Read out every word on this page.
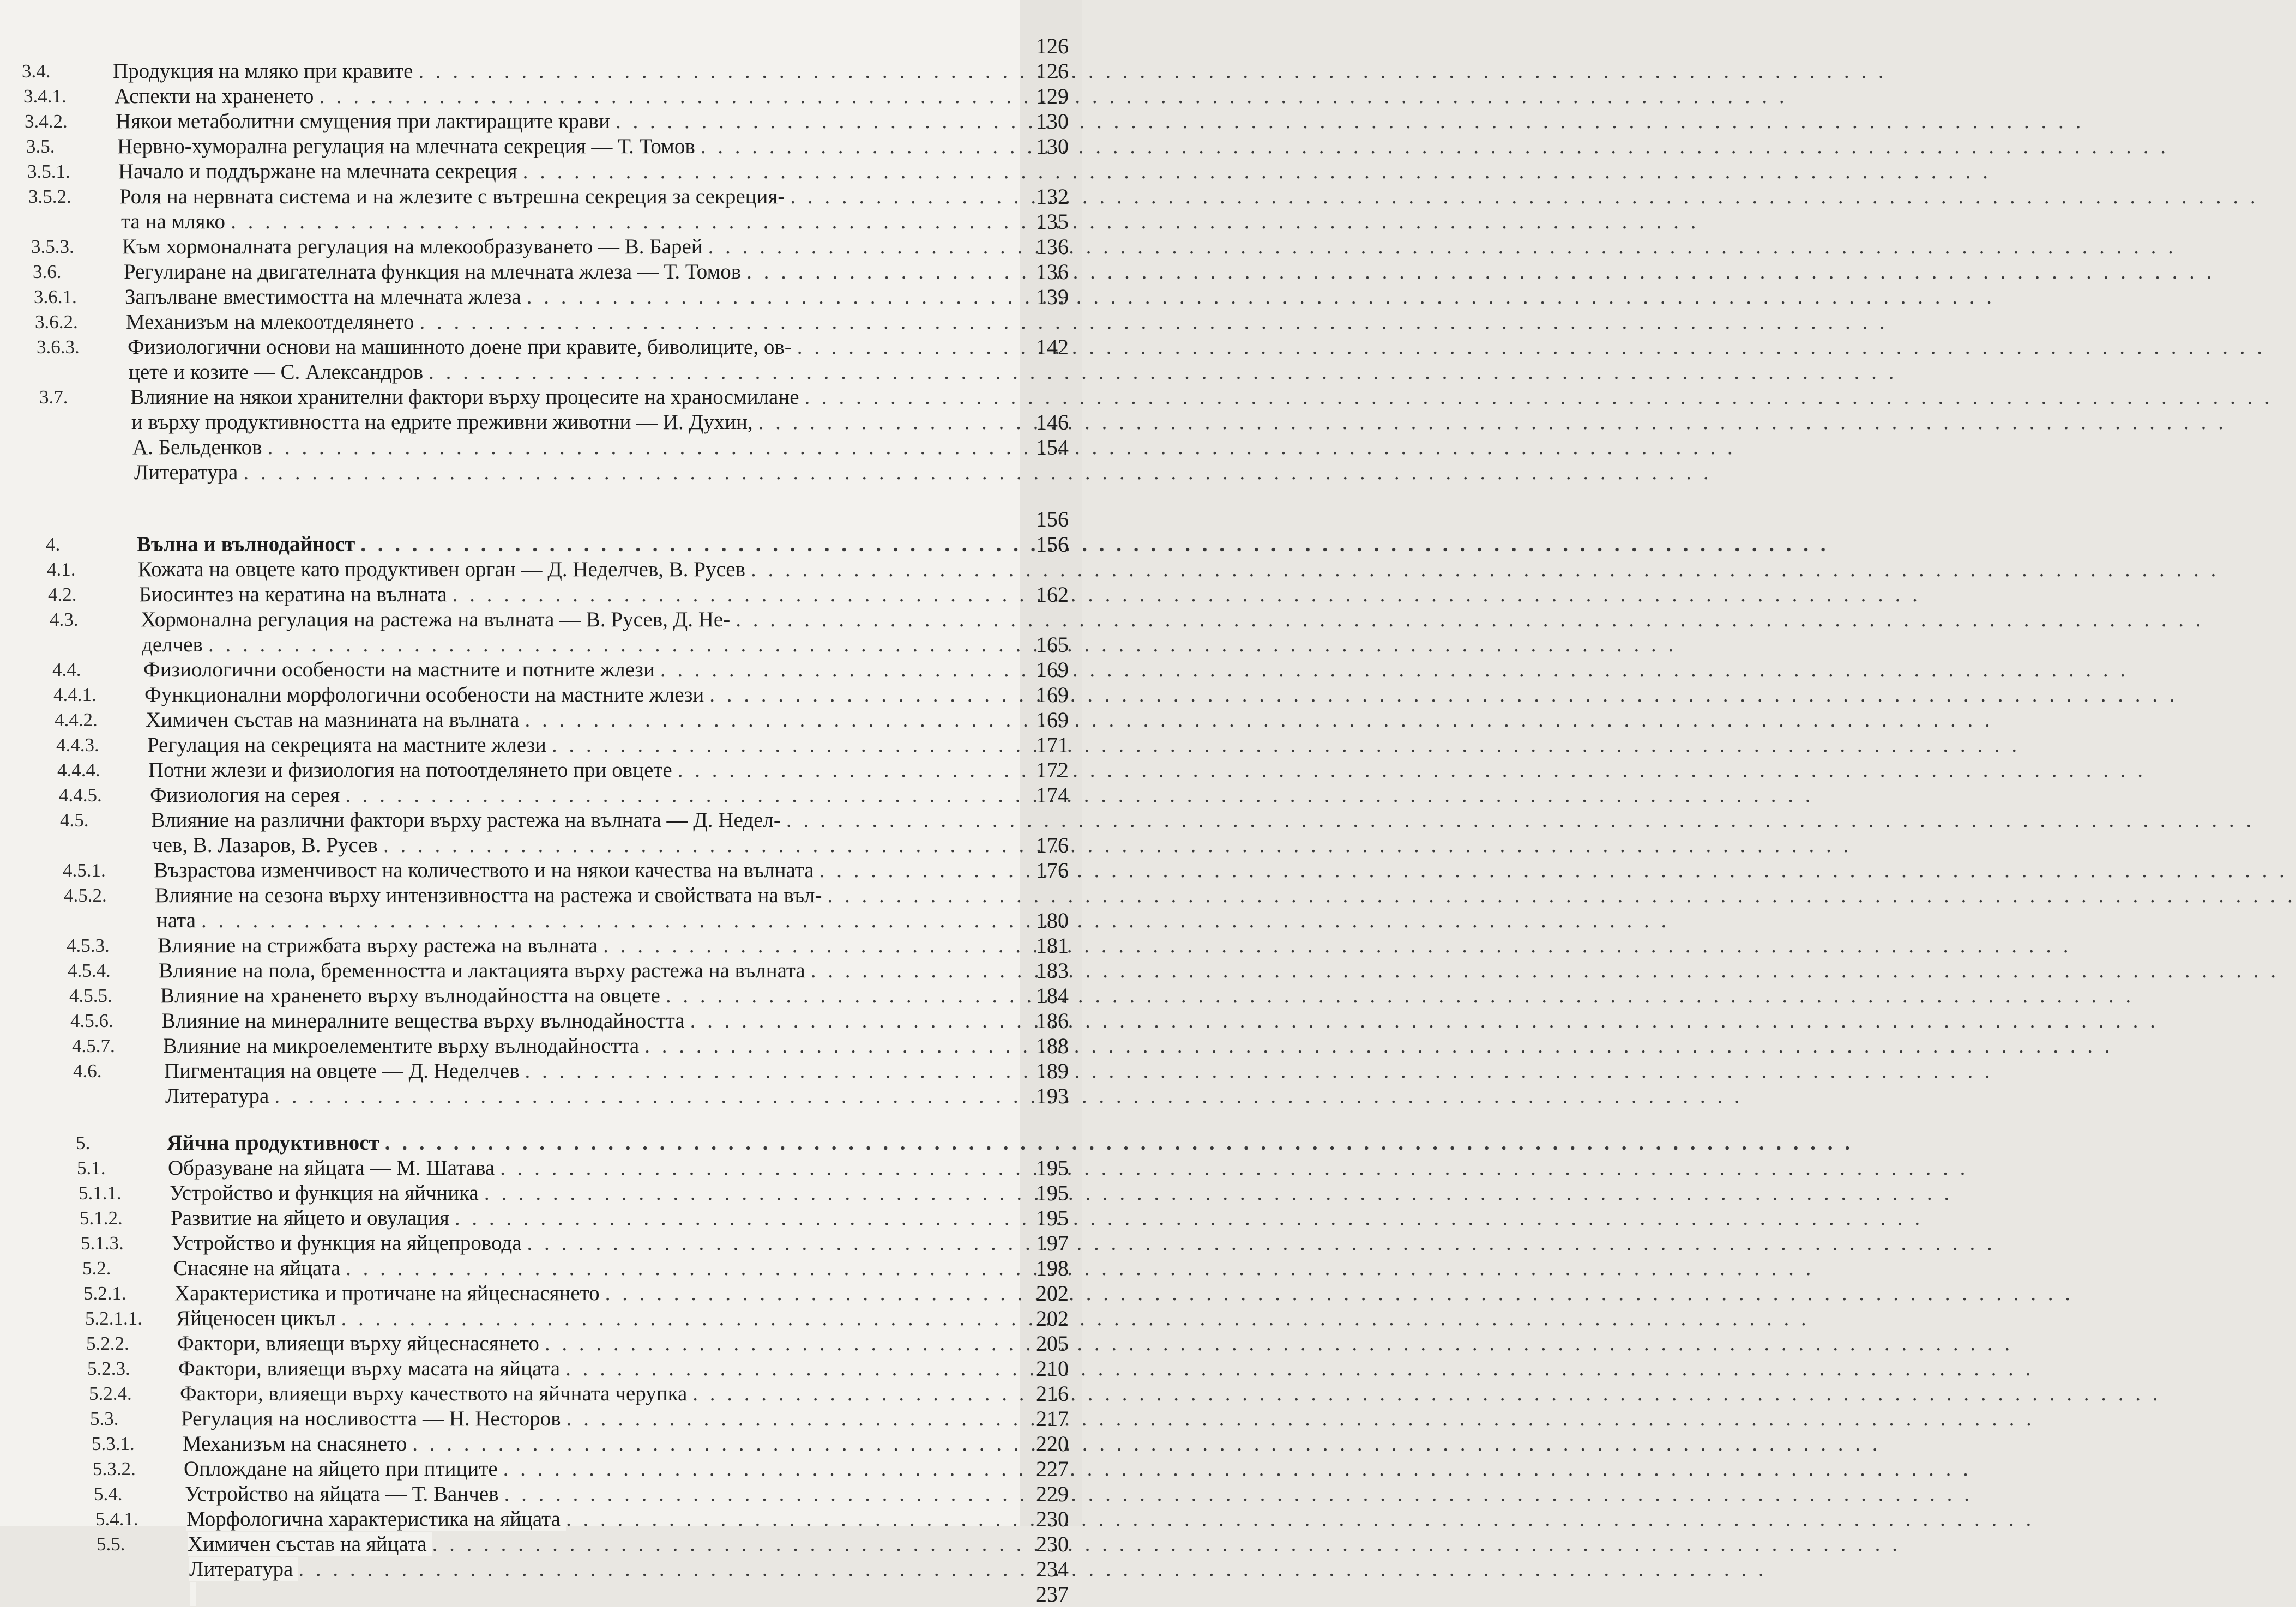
126
3.4.	Продукция на мляко при кравите . . .	126
3.4.1.	Аспекти на храненето . . .	129
3.4.2.	Някои метаболитни смущения при лактиращите крави . . .	130
3.5.	Нервно-хуморална регулация на млечната секреция — Т. Томов . . .	130
3.5.1.	Начало и поддържане на млечната секреция . . .
3.5.2.	Роля на нервната система и на жлезите с вътрешна секреция за секреция- . . .	132
та на мляко . . .	135
3.5.3.	Към хормоналната регулация на млекообразуването — В. Барей . . .	136
3.6.	Регулиране на двигателната функция на млечната жлеза — Т. Томов . . .	136
3.6.1.	Запълване вместимостта на млечната жлеза . . .	139
3.6.2.	Механизъм на млекоотделянето . . .
3.6.3.	Физиологични основи на машинното доене при кравите, биволиците, ов- . . .	142
цете и козите — С. Александров . . .
3.7.	Влияние на някои хранителни фактори върху процесите на храносмилане . . .
и върху продуктивността на едрите преживни животни — И. Духин, . . .	146
А. Бельденков . . .	154
Литература . . .
156
4.	Вълна и вълнодайност . . .	156
4.1.	Кожата на овцете като продуктивен орган — Д. Неделчев, В. Русев . . .
4.2.	Биосинтез на кератина на вълната . . .	162
4.3.	Хормонална регулация на растежа на вълната — В. Русев, Д. Не- . . .
делчев . . .	165
4.4.	Физиологични особености на мастните и потните жлези . . .	169
4.4.1.	Функционални морфологични особености на мастните жлези . . .	169
4.4.2.	Химичен състав на мазнината на вълната . . .	169
4.4.3.	Регулация на секрецията на мастните жлези . . .	171
4.4.4.	Потни жлези и физиология на потоотделянето при овцете . . .	172
4.4.5.	Физиология на серея . . .	174
4.5.	Влияние на различни фактори върху растежа на вълната — Д. Недел- . . .
чев, В. Лазаров, В. Русев . . .	176
4.5.1.	Възрастова изменчивост на количеството и на някои качества на вълната . . .	176
4.5.2.	Влияние на сезона върху интензивността на растежа и свойствата на въл- . . .
ната . . .	180
4.5.3.	Влияние на стрижбата върху растежа на вълната . . .	181
4.5.4.	Влияние на пола, бременността и лактацията върху растежа на вълната . . .	183
4.5.5.	Влияние на храненето върху вълнодайността на овцете . . .	184
4.5.6.	Влияние на минералните вещества върху вълнодайността . . .	186
4.5.7.	Влияние на микроелементите върху вълнодайността . . .	188
4.6.	Пигментация на овцете — Д. Неделчев . . .	189
Литература . . .	193
5.	Яйчна продуктивност . . .
5.1.	Образуване на яйцата — М. Шатава . . .	195
5.1.1.	Устройство и функция на яйчника . . .	195
5.1.2.	Развитие на яйцето и овулация . . .	195
5.1.3.	Устройство и функция на яйцепровода . . .	197
5.2.	Снасяне на яйцата . . .	198
5.2.1.	Характеристика и протичане на яйцеснасянето . . .	202
5.2.1.1.	Яйценосен цикъл . . .	202
5.2.2.	Фактори, влияещи върху яйцеснасянето . . .	205
5.2.3.	Фактори, влияещи върху масата на яйцата . . .	210
5.2.4.	Фактори, влияещи върху качеството на яйчната черупка . . .	216
5.3.	Регулация на носливостта — Н. Несторов . . .	217
5.3.1.	Механизъм на снасянето . . .	220
5.3.2.	Оплождане на яйцето при птиците . . .	227
5.4.	Устройство на яйцата — Т. Ванчев . . .	229
5.4.1.	Морфологична характеристика на яйцата . . .	230
5.5.	Химичен състав на яйцата . . .	230
Литература . . .	234
237
